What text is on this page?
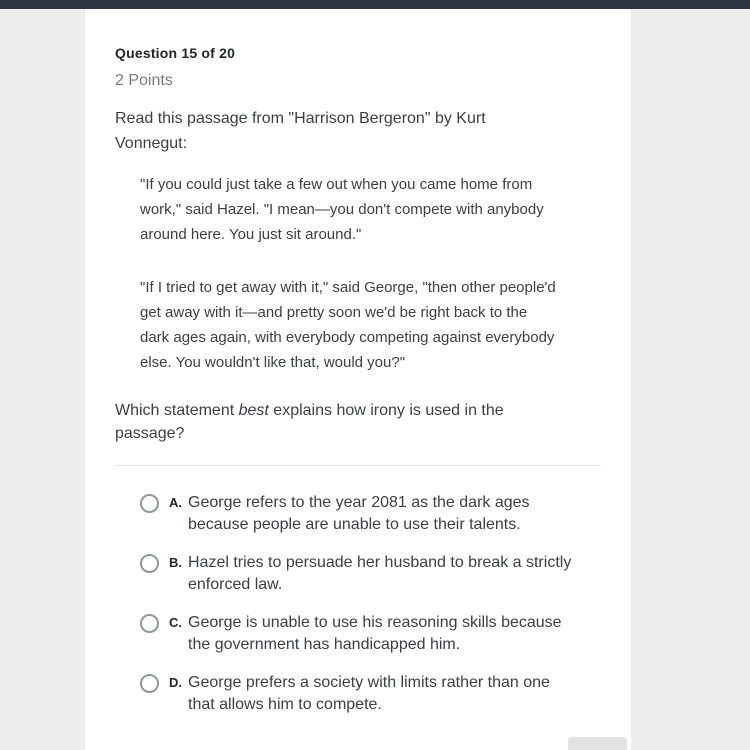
Question 15 of 20
2 Points
Read this passage from "Harrison Bergeron" by Kurt Vonnegut:
"If you could just take a few out when you came home from work," said Hazel. "I mean—you don't compete with anybody around here. You just sit around."
"If I tried to get away with it," said George, "then other people'd get away with it—and pretty soon we'd be right back to the dark ages again, with everybody competing against everybody else. You wouldn't like that, would you?"
Which statement best explains how irony is used in the passage?
A. George refers to the year 2081 as the dark ages because people are unable to use their talents.
B. Hazel tries to persuade her husband to break a strictly enforced law.
C. George is unable to use his reasoning skills because the government has handicapped him.
D. George prefers a society with limits rather than one that allows him to compete.
